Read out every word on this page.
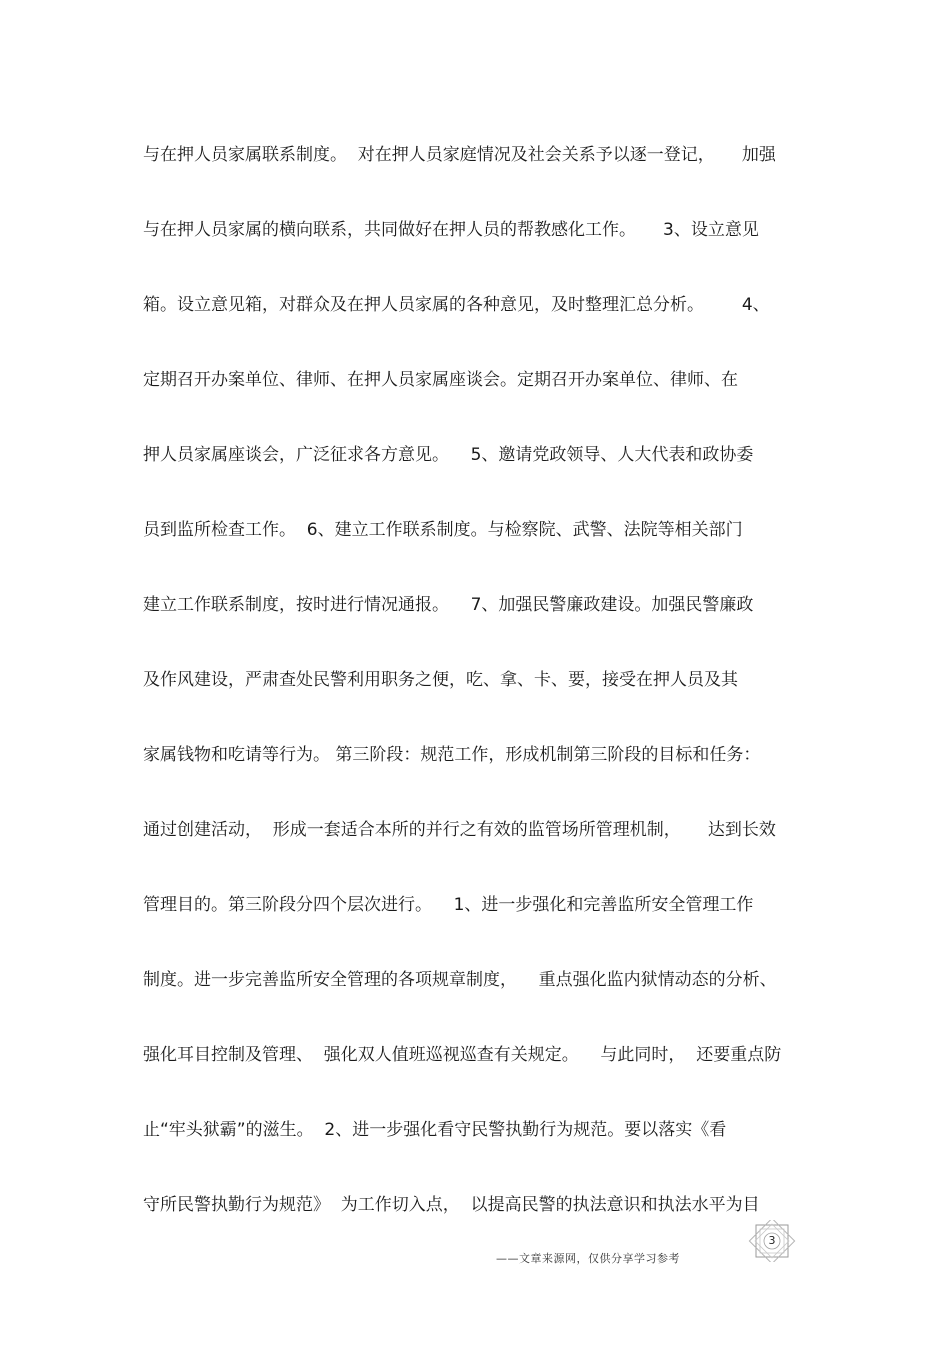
与在押人员家属联系制度。  对在押人员家庭情况及社会关系予以逐一登记，     加强
与在押人员家属的横向联系，共同做好在押人员的帮教感化工作。     3、设立意见
箱。设立意见箱，对群众及在押人员家属的各种意见，及时整理汇总分析。       4、
定期召开办案单位、律师、在押人员家属座谈会。定期召开办案单位、律师、在
押人员家属座谈会，广泛征求各方意见。    5、邀请党政领导、人大代表和政协委
员到监所检查工作。  6、建立工作联系制度。与检察院、武警、法院等相关部门
建立工作联系制度，按时进行情况通报。    7、加强民警廉政建设。加强民警廉政
及作风建设，严肃查处民警利用职务之便，吃、拿、卡、要，接受在押人员及其
家属钱物和吃请等行为。 第三阶段：规范工作，形成机制第三阶段的目标和任务：
通过创建活动，  形成一套适合本所的并行之有效的监管场所管理机制，     达到长效
管理目的。第三阶段分四个层次进行。    1、进一步强化和完善监所安全管理工作
制度。进一步完善监所安全管理的各项规章制度，    重点强化监内狱情动态的分析、
强化耳目控制及管理、  强化双人值班巡视巡查有关规定。    与此同时，  还要重点防
止“牢头狱霸”的滋生。  2、进一步强化看守民警执勤行为规范。要以落实《看
守所民警执勤行为规范》  为工作切入点，  以提高民警的执法意识和执法水平为目
3
——文章来源网，仅供分享学习参考
